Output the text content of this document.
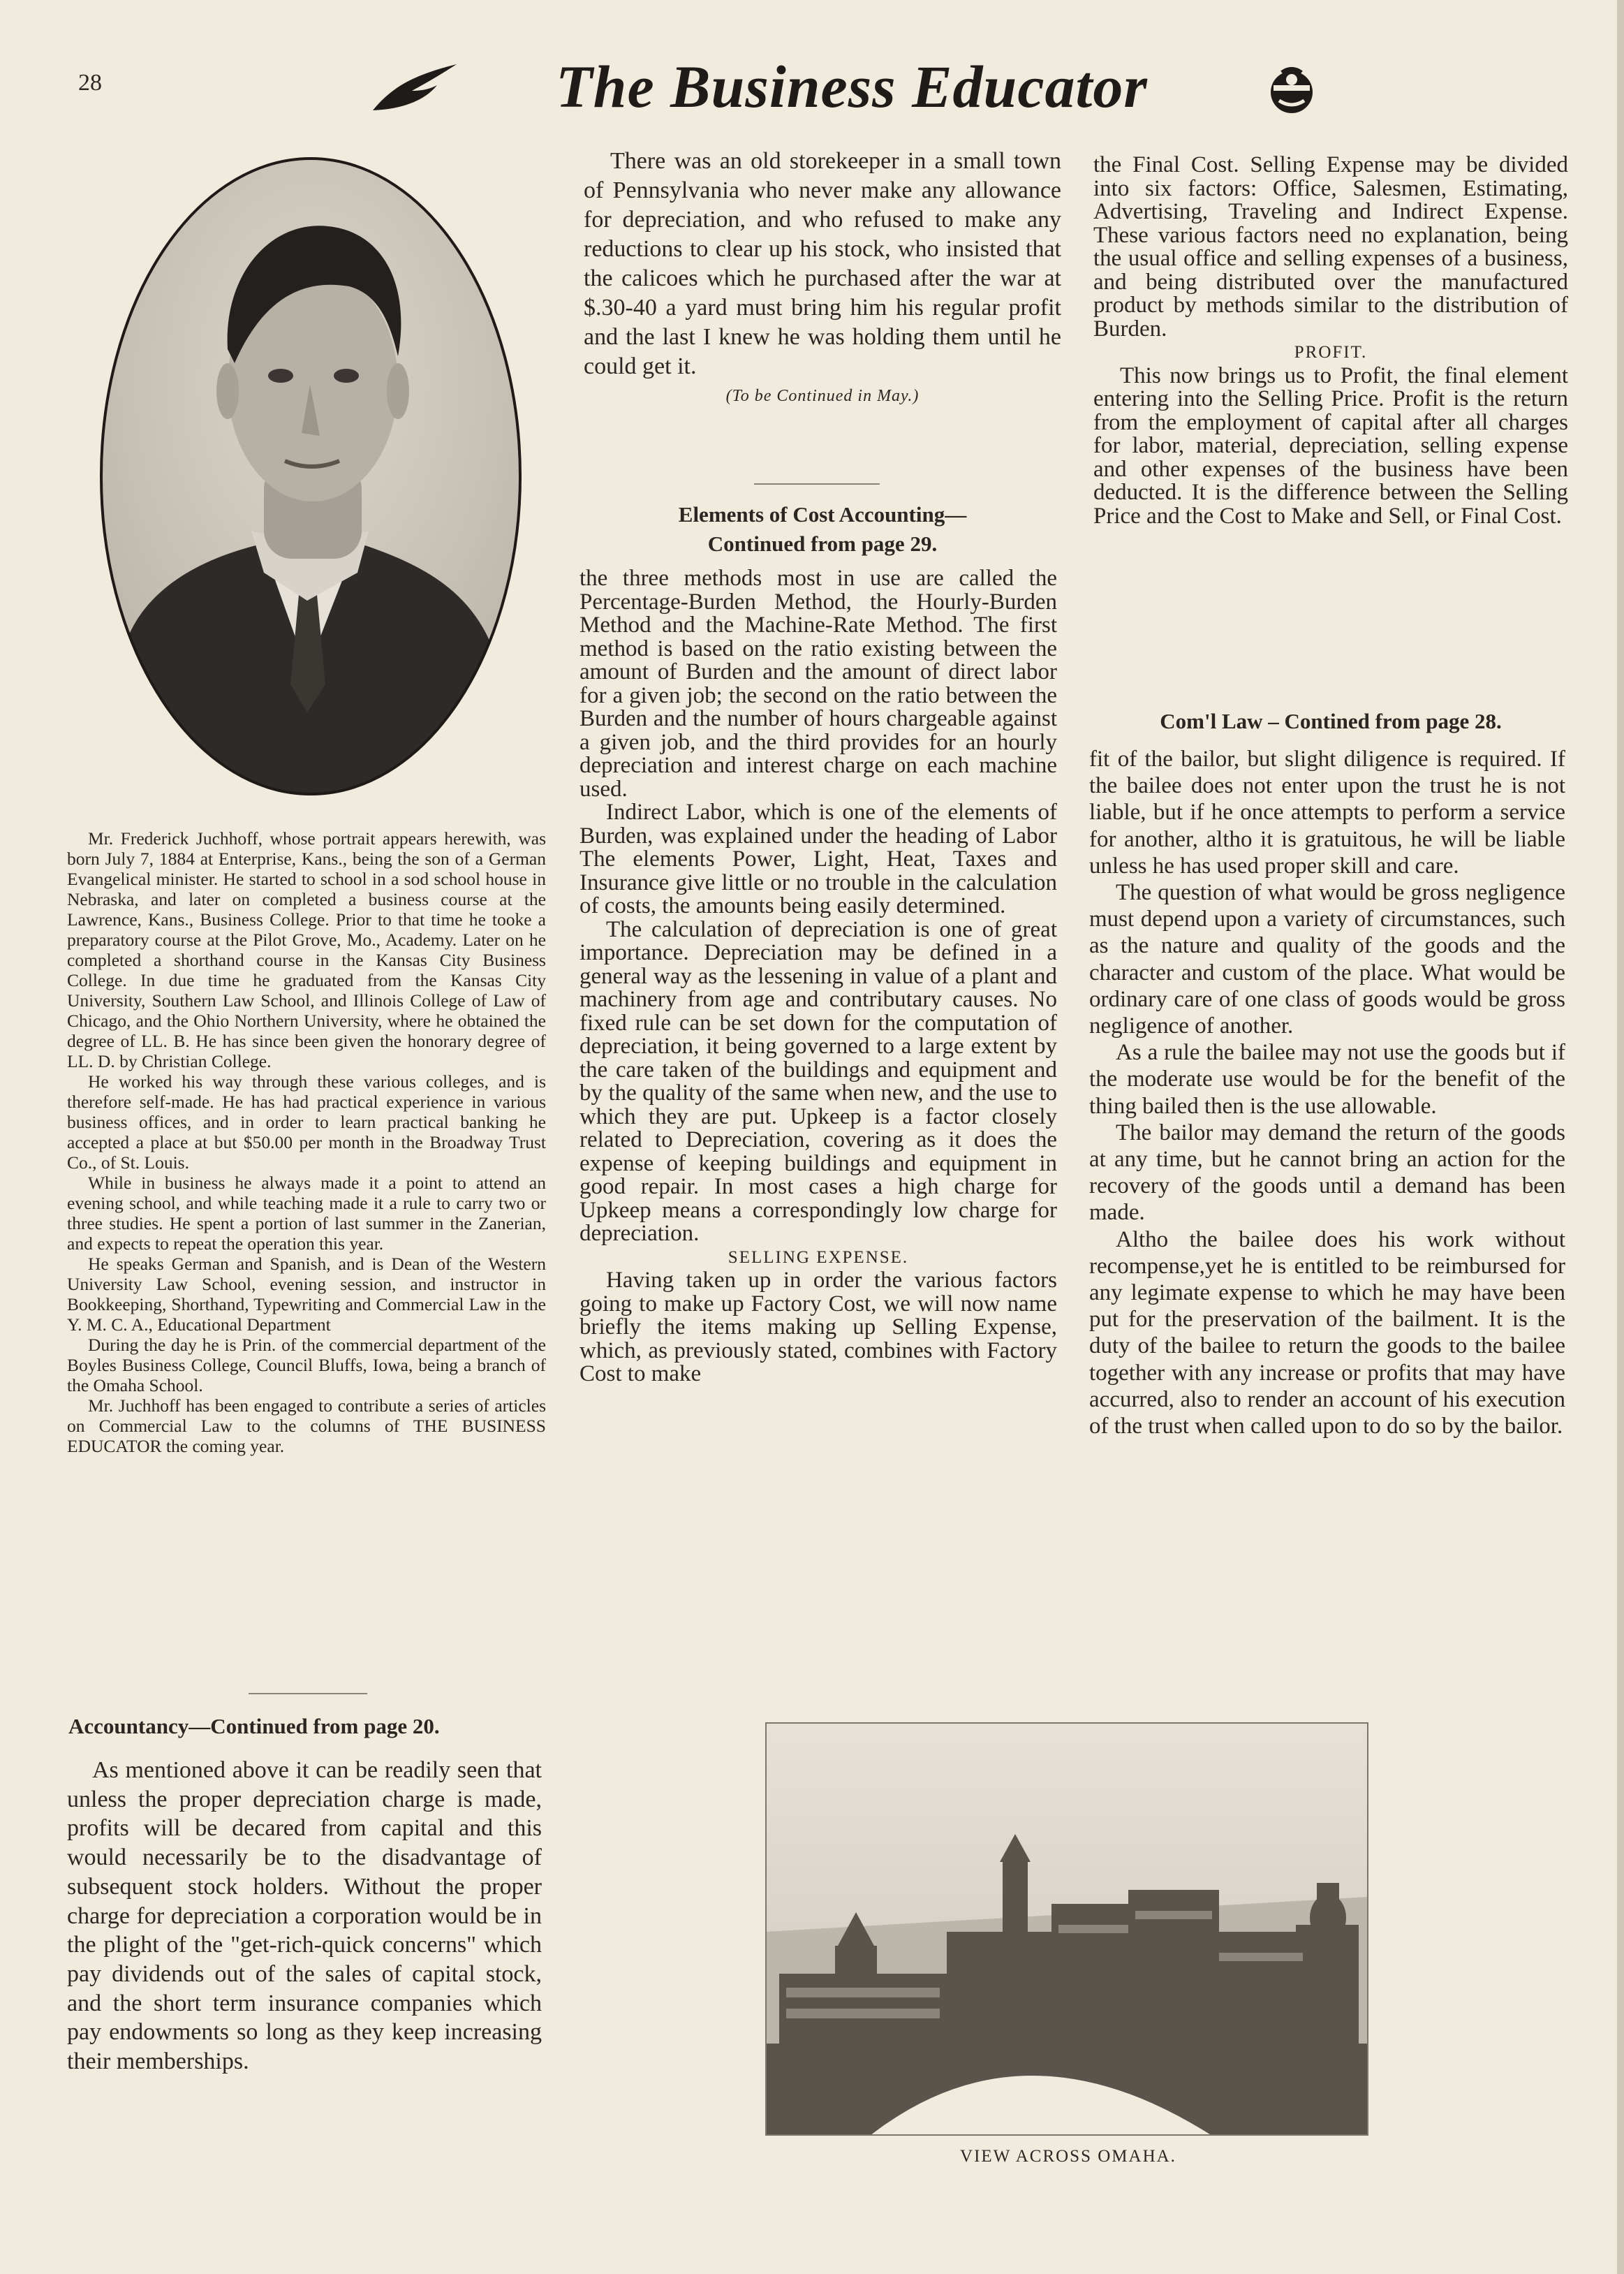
28	The Business Educator

Mr. Frederick Juchhoff, whose portrait appears herewith, was born July 7, 1884 at Enterprise, Kans., being the son of a German Evangelical minister. He started to school in a sod school house in Nebraska, and later on completed a business course at the Lawrence, Kans., Business College. Prior to that time he tooke a preparatory course at the Pilot Grove, Mo., Academy. Later on he completed a shorthand course in the Kansas City Business College. In due time he graduated from the Kansas City University, Southern Law School, and Illinois College of Law of Chicago, and the Ohio Northern University, where he obtained the degree of LL. B. He has since been given the honorary degree of LL. D. by Christian College.

He worked his way through these various colleges, and is therefore self-made. He has had practical experience in various business offices, and in order to learn practical banking he accepted a place at but $50.00 per month in the Broadway Trust Co., of St. Louis.

While in business he always made it a point to attend an evening school, and while teaching made it a rule to carry two or three studies. He spent a portion of last summer in the Zanerian, and expects to repeat the operation this year.

He speaks German and Spanish, and is Dean of the Western University Law School, evening session, and instructor in Bookkeeping, Shorthand, Typewriting and Commercial Law in the Y. M. C. A., Educational Department

During the day he is Prin. of the commercial department of the Boyles Business College, Council Bluffs, Iowa, being a branch of the Omaha School.

Mr. Juchhoff has been engaged to contribute a series of articles on Commercial Law to the columns of THE BUSINESS EDUCATOR the coming year.

There was an old storekeeper in a small town of Pennsylvania who never make any allowance for depreciation, and who refused to make any reductions to clear up his stock, who insisted that the calicoes which he purchased after the war at $.30-40 a yard must bring him his regular profit and the last I knew he was holding them until he could get it.

(To be Continued in May.)

Elements of Cost Accounting—

Continued from page 29.

the three methods most in use are called the Percentage-Burden Method, the Hourly-Burden Method and the Machine-Rate Method. The first method is based on the ratio existing between the amount of Burden and the amount of direct labor for a given job; the second on the ratio between the Burden and the number of hours chargeable against a given job, and the third provides for an hourly depreciation and interest charge on each machine used.

Indirect Labor, which is one of the elements of Burden, was explained under the heading of Labor The elements Power, Light, Heat, Taxes and Insurance give little or no trouble in the calculation of costs, the amounts being easily determined.

The calculation of depreciation is one of great importance. Depreciation may be defined in a general way as the lessening in value of a plant and machinery from age and contributary causes. No fixed rule can be set down for the computation of depreciation, it being governed to a large extent by the care taken of the buildings and equipment and by the quality of the same when new, and the use to which they are put. Upkeep is a factor closely related to Depreciation, covering as it does the expense of keeping buildings and equipment in good repair. In most cases a high charge for Upkeep means a correspondingly low charge for depreciation.

SELLING EXPENSE.

Having taken up in order the various factors going to make up Factory Cost, we will now name briefly the items making up Selling Expense, which, as previously stated, combines with Factory Cost to make

the Final Cost. Selling Expense may be divided into six factors: Office, Salesmen, Estimating, Advertising, Traveling and Indirect Expense. These various factors need no explanation, being the usual office and selling expenses of a business, and being distributed over the manufactured product by methods similar to the distribution of Burden.

PROFIT.

This now brings us to Profit, the final element entering into the Selling Price. Profit is the return from the employment of capital after all charges for labor, material, depreciation, selling expense and other expenses of the business have been deducted. It is the difference between the Selling Price and the Cost to Make and Sell, or Final Cost.

Com'l Law – Contined from page 28.

fit of the bailor, but slight diligence is required. If the bailee does not enter upon the trust he is not liable, but if he once attempts to perform a service for another, altho it is gratuitous, he will be liable unless he has used proper skill and care.

The question of what would be gross negligence must depend upon a variety of circumstances, such as the nature and quality of the goods and the character and custom of the place. What would be ordinary care of one class of goods would be gross negligence of another.

As a rule the bailee may not use the goods but if the moderate use would be for the benefit of the thing bailed then is the use allowable.

The bailor may demand the return of the goods at any time, but he cannot bring an action for the recovery of the goods until a demand has been made.

Altho the bailee does his work without recompense,yet he is entitled to be reimbursed for any legimate expense to which he may have been put for the preservation of the bailment. It is the duty of the bailee to return the goods to the bailee together with any increase or profits that may have accurred, also to render an account of his execution of the trust when called upon to do so by the bailor.

Accountancy—Continued from page 20.

As mentioned above it can be readily seen that unless the proper depreciation charge is made, profits will be decared from capital and this would necessarily be to the disadvantage of subsequent stock holders. Without the proper charge for depreciation a corporation would be in the plight of the "get-rich-quick concerns" which pay dividends out of the sales of capital stock, and the short term insurance companies which pay endowments so long as they keep increasing their memberships.

VIEW ACROSS OMAHA.
